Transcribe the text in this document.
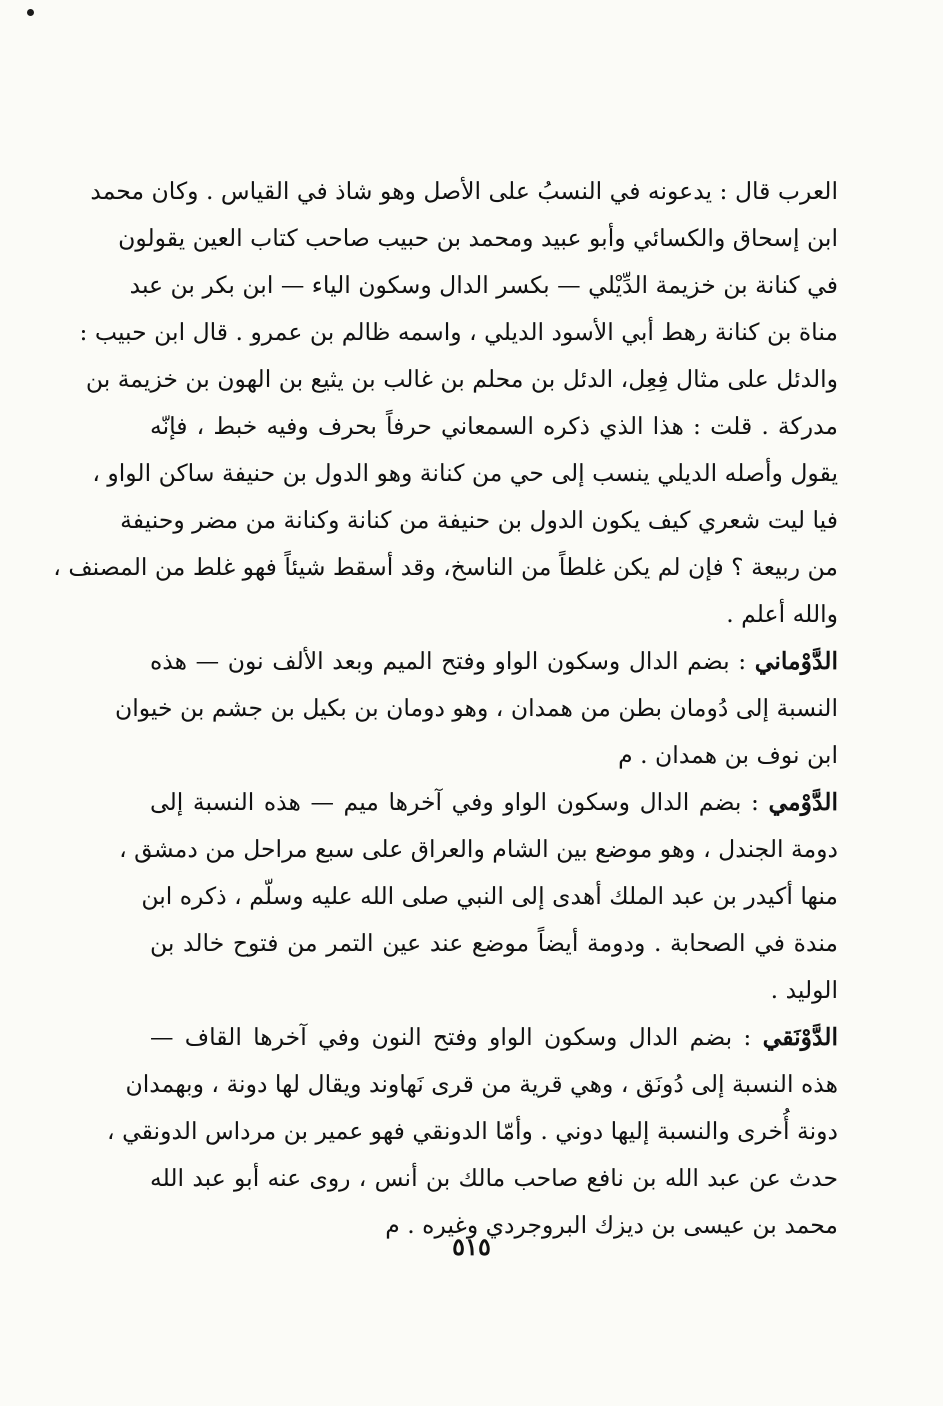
العرب قال : يدعونه في النسبُ على الأصل وهو شاذ في القياس . وكان محمد
ابن إسحاق والكسائي وأبو عبيد ومحمد بن حبيب صاحب كتاب العين يقولون
في كنانة بن خزيمة الدِّيْلي — بكسر الدال وسكون الياء — ابن بكر بن عبد
مناة بن كنانة رهط أبي الأسود الديلي ، واسمه ظالم بن عمرو . قال ابن حبيب :
والدئل على مثال فِعِل، الدئل بن محلم بن غالب بن يثيع بن الهون بن خزيمة بن
مدركة . قلت : هذا الذي ذكره السمعاني حرفاً بحرف وفيه خبط ، فإنّه
يقول وأصله الديلي ينسب إلى حي من كنانة وهو الدول بن حنيفة ساكن الواو ،
فيا ليت شعري كيف يكون الدول بن حنيفة من كنانة وكنانة من مضر وحنيفة
من ربيعة ؟ فإن لم يكن غلطاً من الناسخ، وقد أسقط شيئاً فهو غلط من المصنف ،
والله أعلم .
الدَّوْماني : بضم الدال وسكون الواو وفتح الميم وبعد الألف نون — هذه
النسبة إلى دُومان بطن من همدان ، وهو دومان بن بكيل بن جشم بن خيوان
ابن نوف بن همدان . م
الدَّوْمي : بضم الدال وسكون الواو وفي آخرها ميم — هذه النسبة إلى
دومة الجندل ، وهو موضع بين الشام والعراق على سبع مراحل من دمشق ،
منها أكيدر بن عبد الملك أهدى إلى النبي صلى الله عليه وسلّم ، ذكره ابن
مندة في الصحابة . ودومة أيضاً موضع عند عين التمر من فتوح خالد بن
الوليد .
الدَّوْنَقي : بضم الدال وسكون الواو وفتح النون وفي آخرها القاف —
هذه النسبة إلى دُونَق ، وهي قرية من قرى نَهاوند ويقال لها دونة ، وبهمدان
دونة أُخرى والنسبة إليها دوني . وأمّا الدونقي فهو عمير بن مرداس الدونقي ،
حدث عن عبد الله بن نافع صاحب مالك بن أنس ، روى عنه أبو عبد الله
محمد بن عيسى بن ديزك البروجردي وغيره . م
٥١٥
